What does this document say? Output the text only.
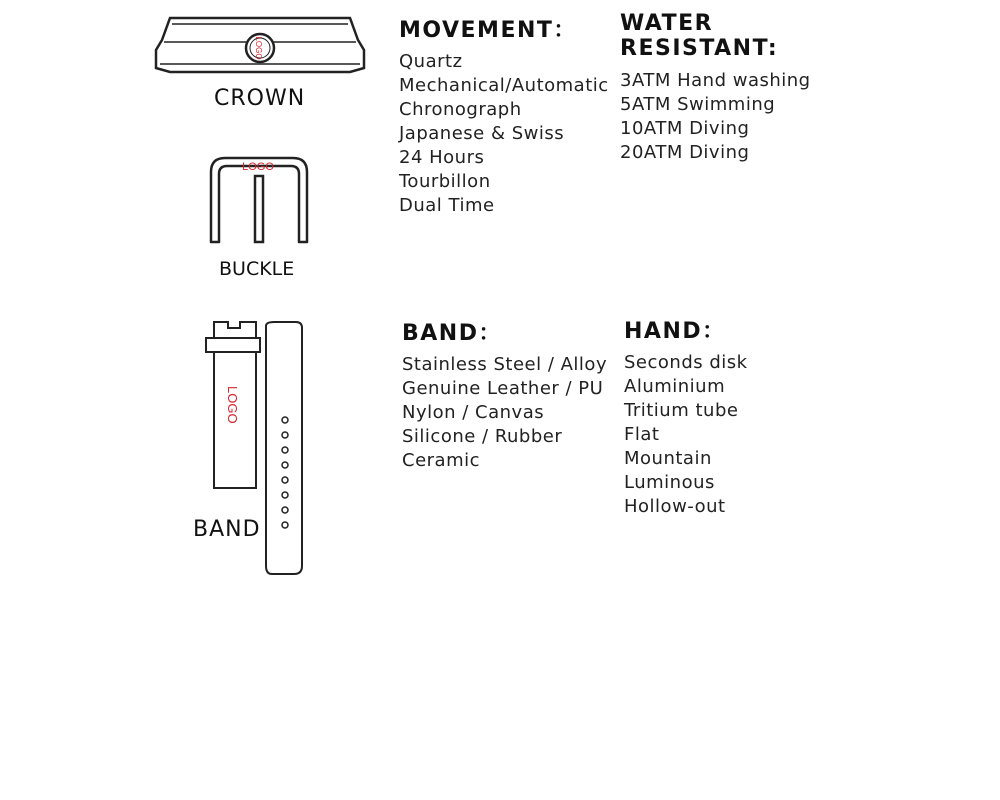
LOGO
CROWN
LOGO
BUCKLE
LOGO
BAND
MOVEMENT：
Quartz
Mechanical/Automatic
Chronograph
Japanese & Swiss
24 Hours
Tourbillon
Dual Time
WATER RESISTANT:
3ATM Hand washing
5ATM Swimming
10ATM Diving
20ATM Diving
BAND：
Stainless Steel / Alloy
Genuine Leather / PU
Nylon / Canvas
Silicone / Rubber
Ceramic
HAND：
Seconds disk
Aluminium
Tritium tube
Flat
Mountain
Luminous
Hollow-out
